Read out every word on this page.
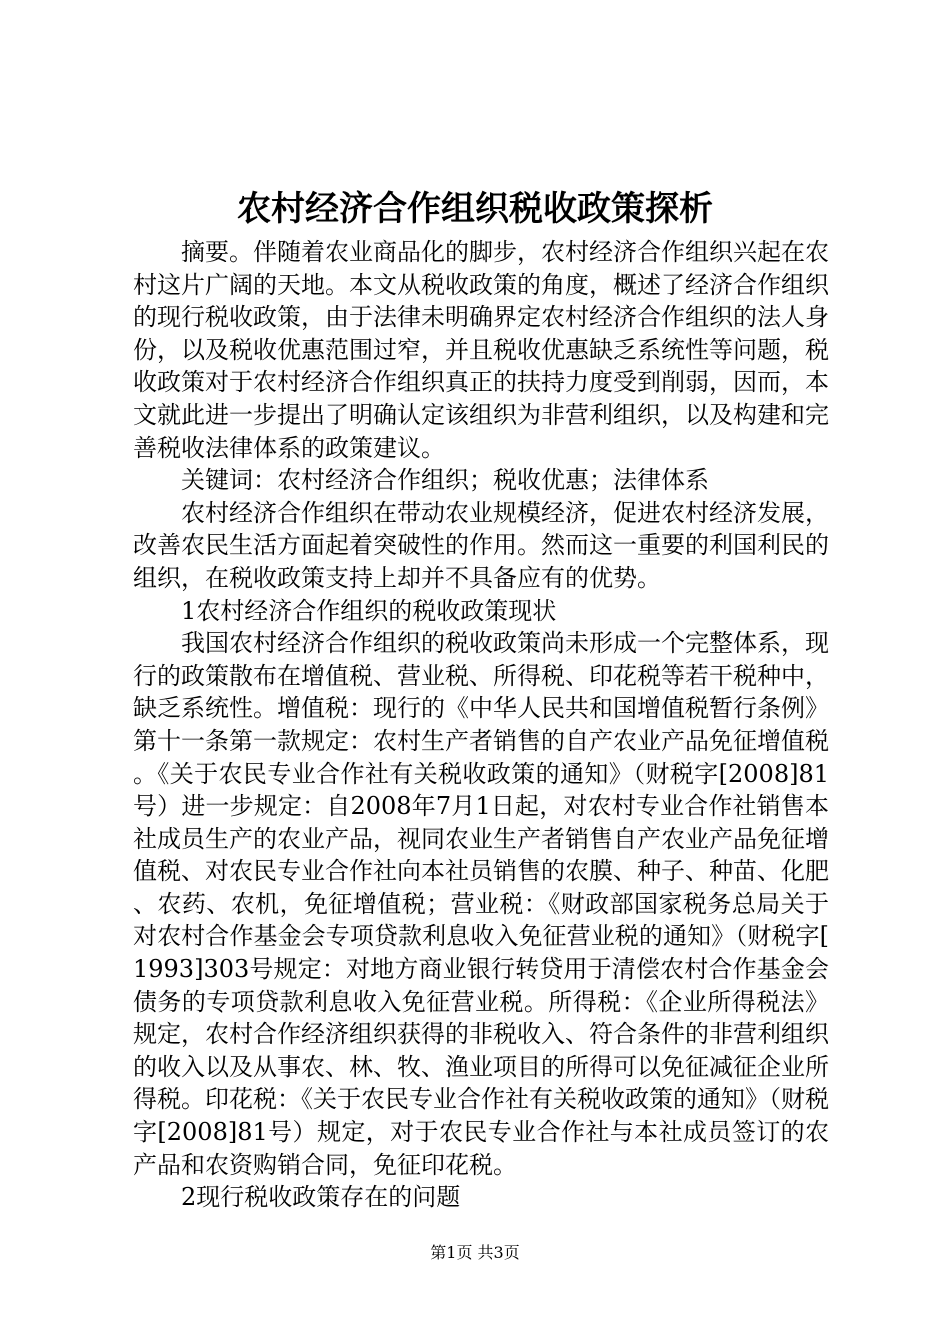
农村经济合作组织税收政策探析

摘要。伴随着农业商品化的脚步，农村经济合作组织兴起在农村这片广阔的天地。本文从税收政策的角度，概述了经济合作组织的现行税收政策，由于法律未明确界定农村经济合作组织的法人身份，以及税收优惠范围过窄，并且税收优惠缺乏系统性等问题，税收政策对于农村经济合作组织真正的扶持力度受到削弱，因而，本文就此进一步提出了明确认定该组织为非营利组织，以及构建和完善税收法律体系的政策建议。

关键词：农村经济合作组织；税收优惠；法律体系

农村经济合作组织在带动农业规模经济，促进农村经济发展，改善农民生活方面起着突破性的作用。然而这一重要的利国利民的组织，在税收政策支持上却并不具备应有的优势。

1农村经济合作组织的税收政策现状

我国农村经济合作组织的税收政策尚未形成一个完整体系，现行的政策散布在增值税、营业税、所得税、印花税等若干税种中，缺乏系统性。增值税：现行的《中华人民共和国增值税暂行条例》第十一条第一款规定：农村生产者销售的自产农业产品免征增值税。《关于农民专业合作社有关税收政策的通知》（财税字[2008]81号）进一步规定：自2008年7月1日起，对农村专业合作社销售本社成员生产的农业产品，视同农业生产者销售自产农业产品免征增值税、对农民专业合作社向本社员销售的农膜、种子、种苗、化肥、农药、农机，免征增值税；营业税：《财政部国家税务总局关于对农村合作基金会专项贷款利息收入免征营业税的通知》（财税字[1993]303号规定：对地方商业银行转贷用于清偿农村合作基金会债务的专项贷款利息收入免征营业税。所得税：《企业所得税法》规定，农村合作经济组织获得的非税收入、符合条件的非营利组织的收入以及从事农、林、牧、渔业项目的所得可以免征减征企业所得税。印花税：《关于农民专业合作社有关税收政策的通知》（财税字[2008]81号）规定，对于农民专业合作社与本社成员签订的农产品和农资购销合同，免征印花税。

2现行税收政策存在的问题

第1页 共3页
